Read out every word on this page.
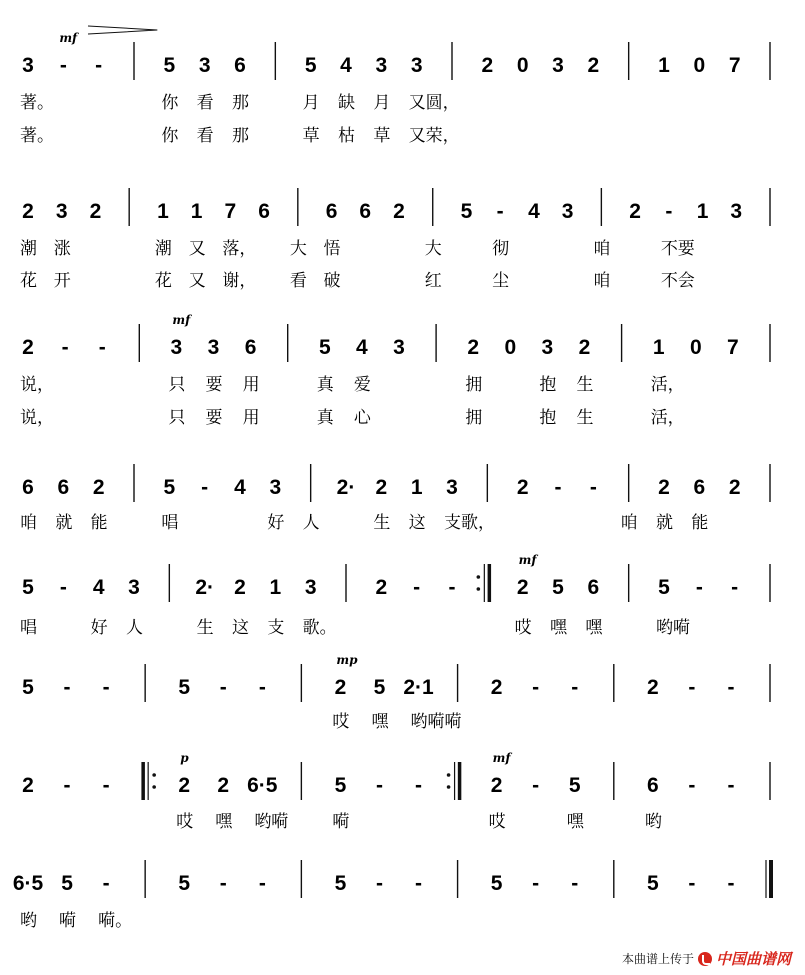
3 - -	5 3 6	5 4 3 3	2 0 3 2	1 0 7
著。	你 看 那	月 缺 月 又圆，
著。	你 看 那	草 枯 草 又荣，
mf
2 3 2	1 1 7 6	6 6 2	5 - 4 3	2 - 1 3
潮 涨	潮 又 落， 大 悟	大	彻	咱	不要
花 开	花 又 谢， 看 破	红	尘	咱	不会
2 - -	3 3 6	5 4 3	2 0 3 2	1 0 7
说，	只 要 用	真 爱	拥	抱 生	活，
说，	只 要 用	真 心	拥	抱 生	活，
mf
6 6 2	5 - 4 3	2· 2 1 3	2 - -	2 6 2
咱 就 能	唱	好 人	生 这 支歌，	咱 就 能
5 - 4 3	2· 2 1 3	2 - -	2 5 6	5 - -
唱	好 人	生 这 支 歌。	哎 嘿 嘿	哟嗬
mf
5 - -	5 - -	2 5 2·1	2 - -	2 - -
哎 嘿 哟嗬嗬
mp
2 - -	2 2 6·5	5 - -	2 - 5	6 - -
哎 嘿 哟嗬	嗬	哎	嘿	哟
p	mf
6·5 5 -	5 - -	5 - -	5 - -	5 - -
哟 嗬 嗬。
本曲谱上传于 中国曲谱网
